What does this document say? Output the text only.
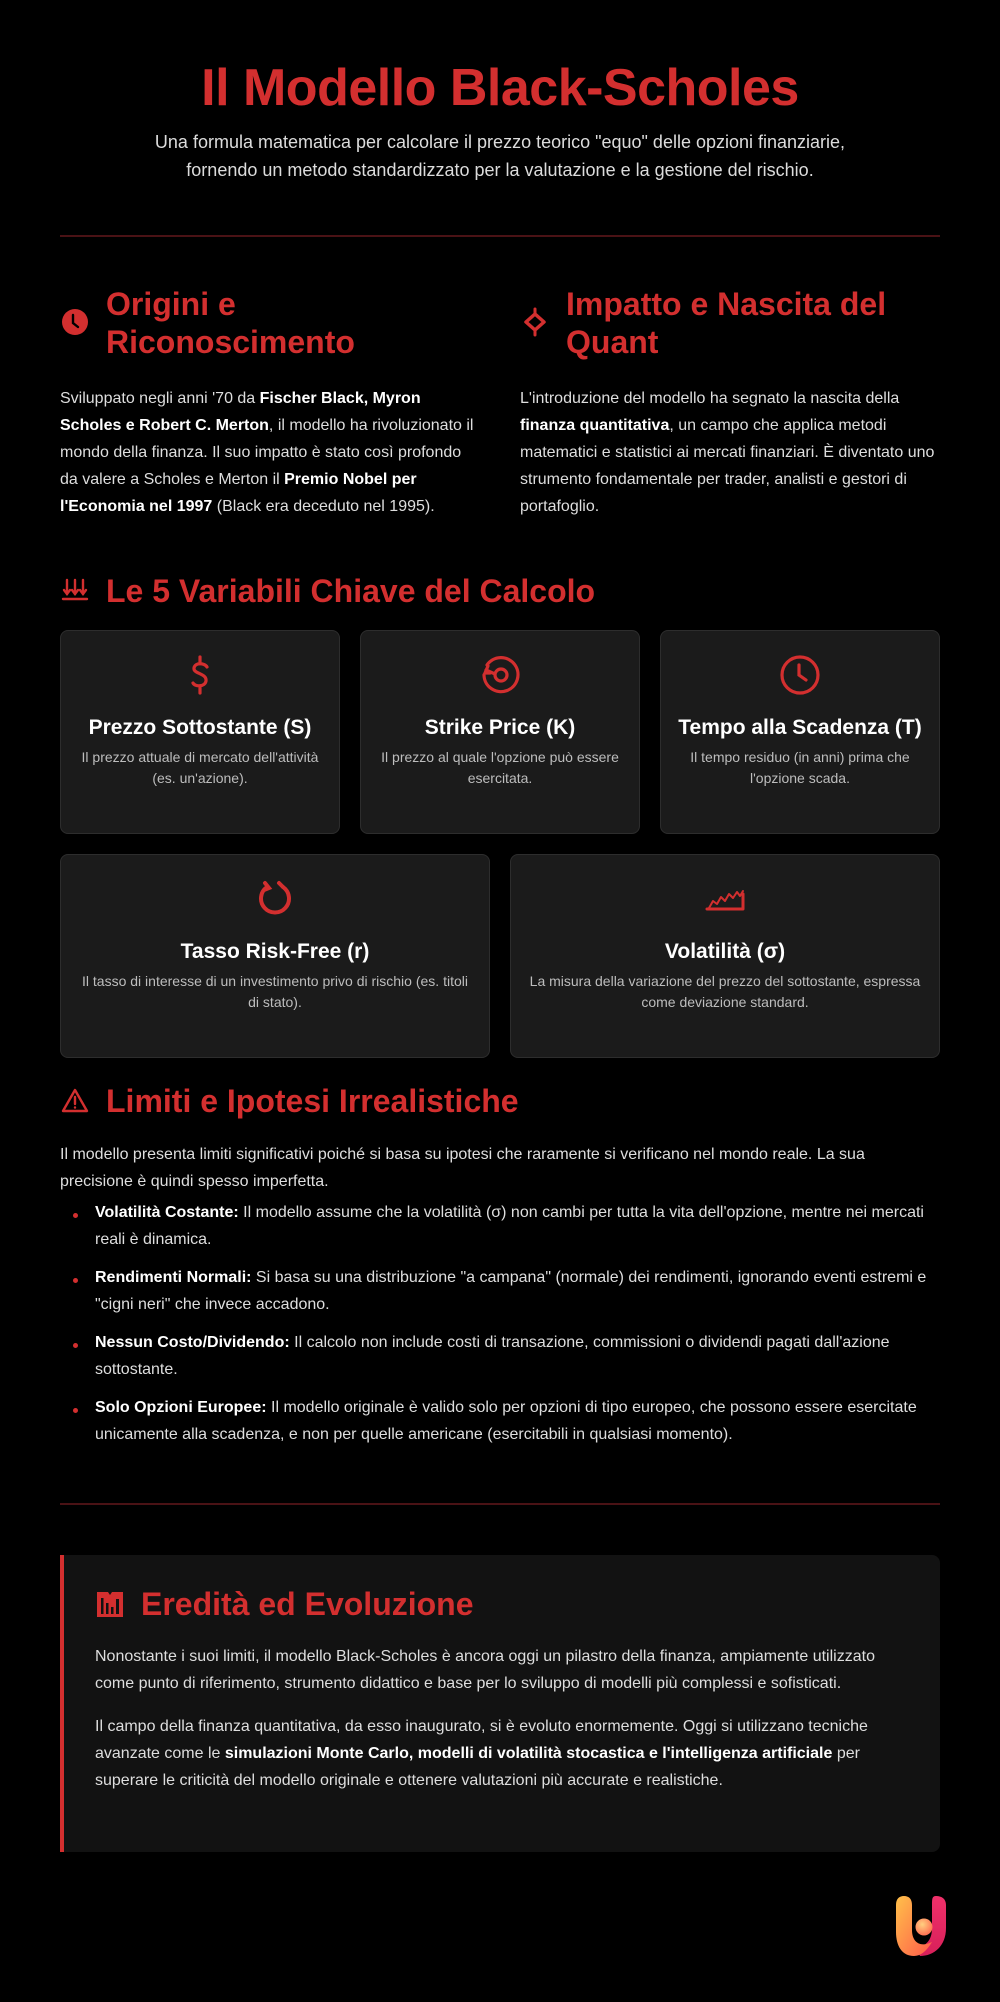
Il Modello Black-Scholes

Una formula matematica per calcolare il prezzo teorico "equo" delle opzioni finanziarie,
fornendo un metodo standardizzato per la valutazione e la gestione del rischio.

Origini e Riconoscimento

Sviluppato negli anni '70 da Fischer Black, Myron Scholes e Robert C. Merton, il modello ha rivoluzionato il mondo della finanza. Il suo impatto è stato così profondo da valere a Scholes e Merton il Premio Nobel per l'Economia nel 1997 (Black era deceduto nel 1995).

Impatto e Nascita del Quant

L'introduzione del modello ha segnato la nascita della finanza quantitativa, un campo che applica metodi matematici e statistici ai mercati finanziari. È diventato uno strumento fondamentale per trader, analisti e gestori di portafoglio.

Le 5 Variabili Chiave del Calcolo
Prezzo Sottostante (S)

Il prezzo attuale di mercato dell'attività (es. un'azione).

Strike Price (K)

Il prezzo al quale l'opzione può essere esercitata.

Tempo alla Scadenza (T)

Il tempo residuo (in anni) prima che l'opzione scada.

Tasso Risk-Free (r)

Il tasso di interesse di un investimento privo di rischio (es. titoli di stato).

Volatilità (σ)

La misura della variazione del prezzo del sottostante, espressa come deviazione standard.

Limiti e Ipotesi Irrealistiche

Il modello presenta limiti significativi poiché si basa su ipotesi che raramente si verificano nel mondo reale. La sua precisione è quindi spesso imperfetta.

Volatilità Costante: Il modello assume che la volatilità (σ) non cambi per tutta la vita dell'opzione, mentre nei mercati reali è dinamica.
Rendimenti Normali: Si basa su una distribuzione "a campana" (normale) dei rendimenti, ignorando eventi estremi e "cigni neri" che invece accadono.
Nessun Costo/Dividendo: Il calcolo non include costi di transazione, commissioni o dividendi pagati dall'azione sottostante.
Solo Opzioni Europee: Il modello originale è valido solo per opzioni di tipo europeo, che possono essere esercitate unicamente alla scadenza, e non per quelle americane (esercitabili in qualsiasi momento).
Eredità ed Evoluzione

Nonostante i suoi limiti, il modello Black-Scholes è ancora oggi un pilastro della finanza, ampiamente utilizzato come punto di riferimento, strumento didattico e base per lo sviluppo di modelli più complessi e sofisticati.

Il campo della finanza quantitativa, da esso inaugurato, si è evoluto enormemente. Oggi si utilizzano tecniche avanzate come le simulazioni Monte Carlo, modelli di volatilità stocastica e l'intelligenza artificiale per superare le criticità del modello originale e ottenere valutazioni più accurate e realistiche.
